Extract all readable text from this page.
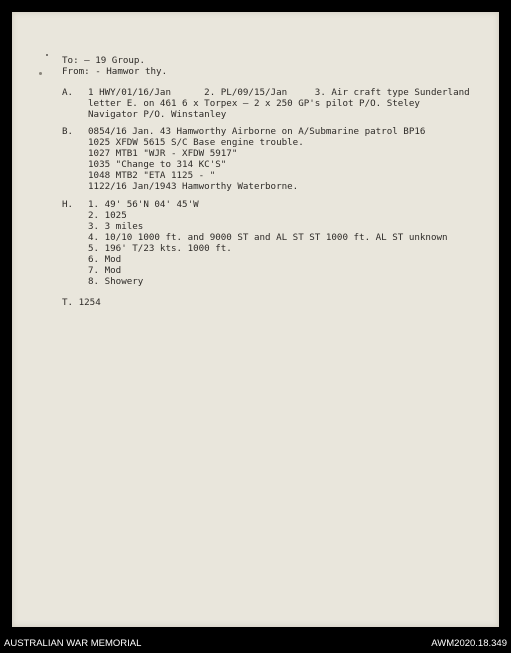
To: – 19 Group.
From: - Hamwor thy.
A. 1 HWY/01/16/Jan      2. PL/09/15/Jan     3. Air craft type Sunderland
letter E. on 461 6 x Torpex – 2 x 250 GP's pilot P/O. Steley
Navigator P/O. Winstanley
B. 0854/16 Jan. 43 Hamworthy Airborne on A/Submarine patrol BP16
1025 XFDW 5615 S/C Base engine trouble.
1027 MTB1 "WJR - XFDW 5917"
1035 "Change to 314 KC'S"
1048 MTB2 "ETA 1125 - "
1122/16 Jan/1943 Hamworthy Waterborne.
H. 1. 49' 56'N 04' 45'W
2. 1025
3. 3 miles
4. 10/10 1000 ft. and 9000 ST and AL ST ST 1000 ft. AL ST unknown
5. 196' T/23 kts. 1000 ft.
6. Mod
7. Mod
8. Showery
T. 1254
AUSTRALIAN WAR MEMORIAL	AWM2020.18.349
